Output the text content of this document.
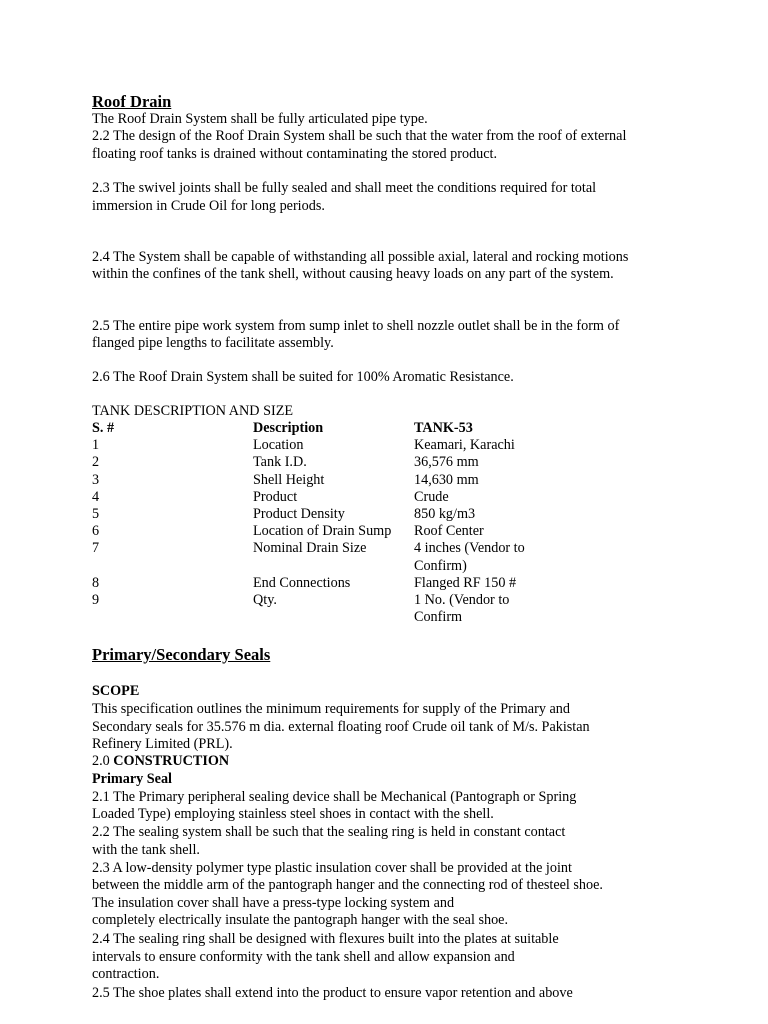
Roof Drain
The Roof Drain System shall be fully articulated pipe type.
2.2 The design of the Roof Drain System shall be such that the water from the roof of external
floating roof tanks is drained without contaminating the stored product.
2.3 The swivel joints shall be fully sealed and shall meet the conditions required for total
immersion in Crude Oil for long periods.
2.4 The System shall be capable of withstanding all possible axial, lateral and rocking motions
within the confines of the tank shell, without causing heavy loads on any part of the system.
2.5 The entire pipe work system from sump inlet to shell nozzle outlet shall be in the form of
flanged pipe lengths to facilitate assembly.
2.6 The Roof Drain System shall be suited for 100% Aromatic Resistance.
TANK DESCRIPTION AND SIZE
S. #	Description	TANK-53
1	Location	Keamari, Karachi
2	Tank I.D.	36,576 mm
3	Shell Height	14,630 mm
4	Product	Crude
5	Product Density	850 kg/m3
6	Location of Drain Sump	Roof Center
7	Nominal Drain Size	4 inches (Vendor to Confirm)
8	End Connections	Flanged RF 150 #
9	Qty.	1 No. (Vendor to Confirm
Primary/Secondary Seals
SCOPE
This specification outlines the minimum requirements for supply of the Primary and
Secondary seals for 35.576 m dia. external floating roof Crude oil tank of M/s. Pakistan
Refinery Limited (PRL).
2.0 CONSTRUCTION
Primary Seal
2.1 The Primary peripheral sealing device shall be Mechanical (Pantograph or Spring
Loaded Type) employing stainless steel shoes in contact with the shell.
2.2 The sealing system shall be such that the sealing ring is held in constant contact
with the tank shell.
2.3 A low-density polymer type plastic insulation cover shall be provided at the joint
between the middle arm of the pantograph hanger and the connecting rod of thesteel shoe.
The insulation cover shall have a press-type locking system and
completely electrically insulate the pantograph hanger with the seal shoe.
2.4 The sealing ring shall be designed with flexures built into the plates at suitable
intervals to ensure conformity with the tank shell and allow expansion and
contraction.
2.5 The shoe plates shall extend into the product to ensure vapor retention and above
